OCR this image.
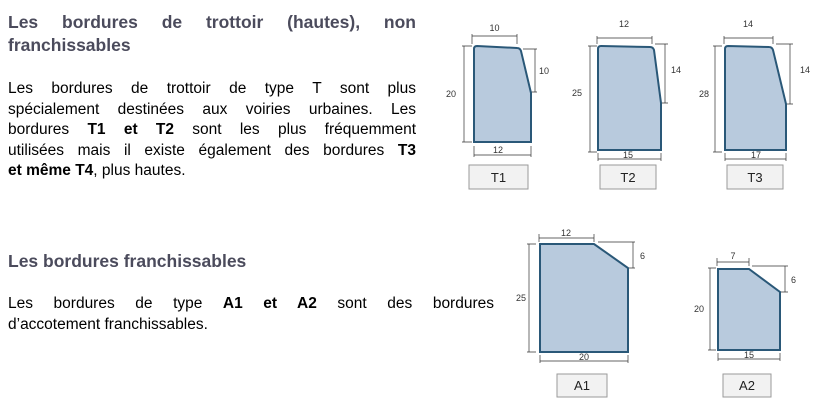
Les bordures de trottoir (hautes), non
franchissables
Les bordures de trottoir de type T sont plus
spécialement destinées aux voiries urbaines. Les
bordures T1 et T2 sont les plus fréquemment
utilisées mais il existe également des bordures T3
et même T4, plus hautes.
Les bordures franchissables
Les bordures de type A1 et A2 sont des bordures
d’accotement franchissables.
10
10
20
12
T1
12
14
25
15
T2
14
14
28
17
T3
12
6
25
20
A1
7
6
20
15
A2
